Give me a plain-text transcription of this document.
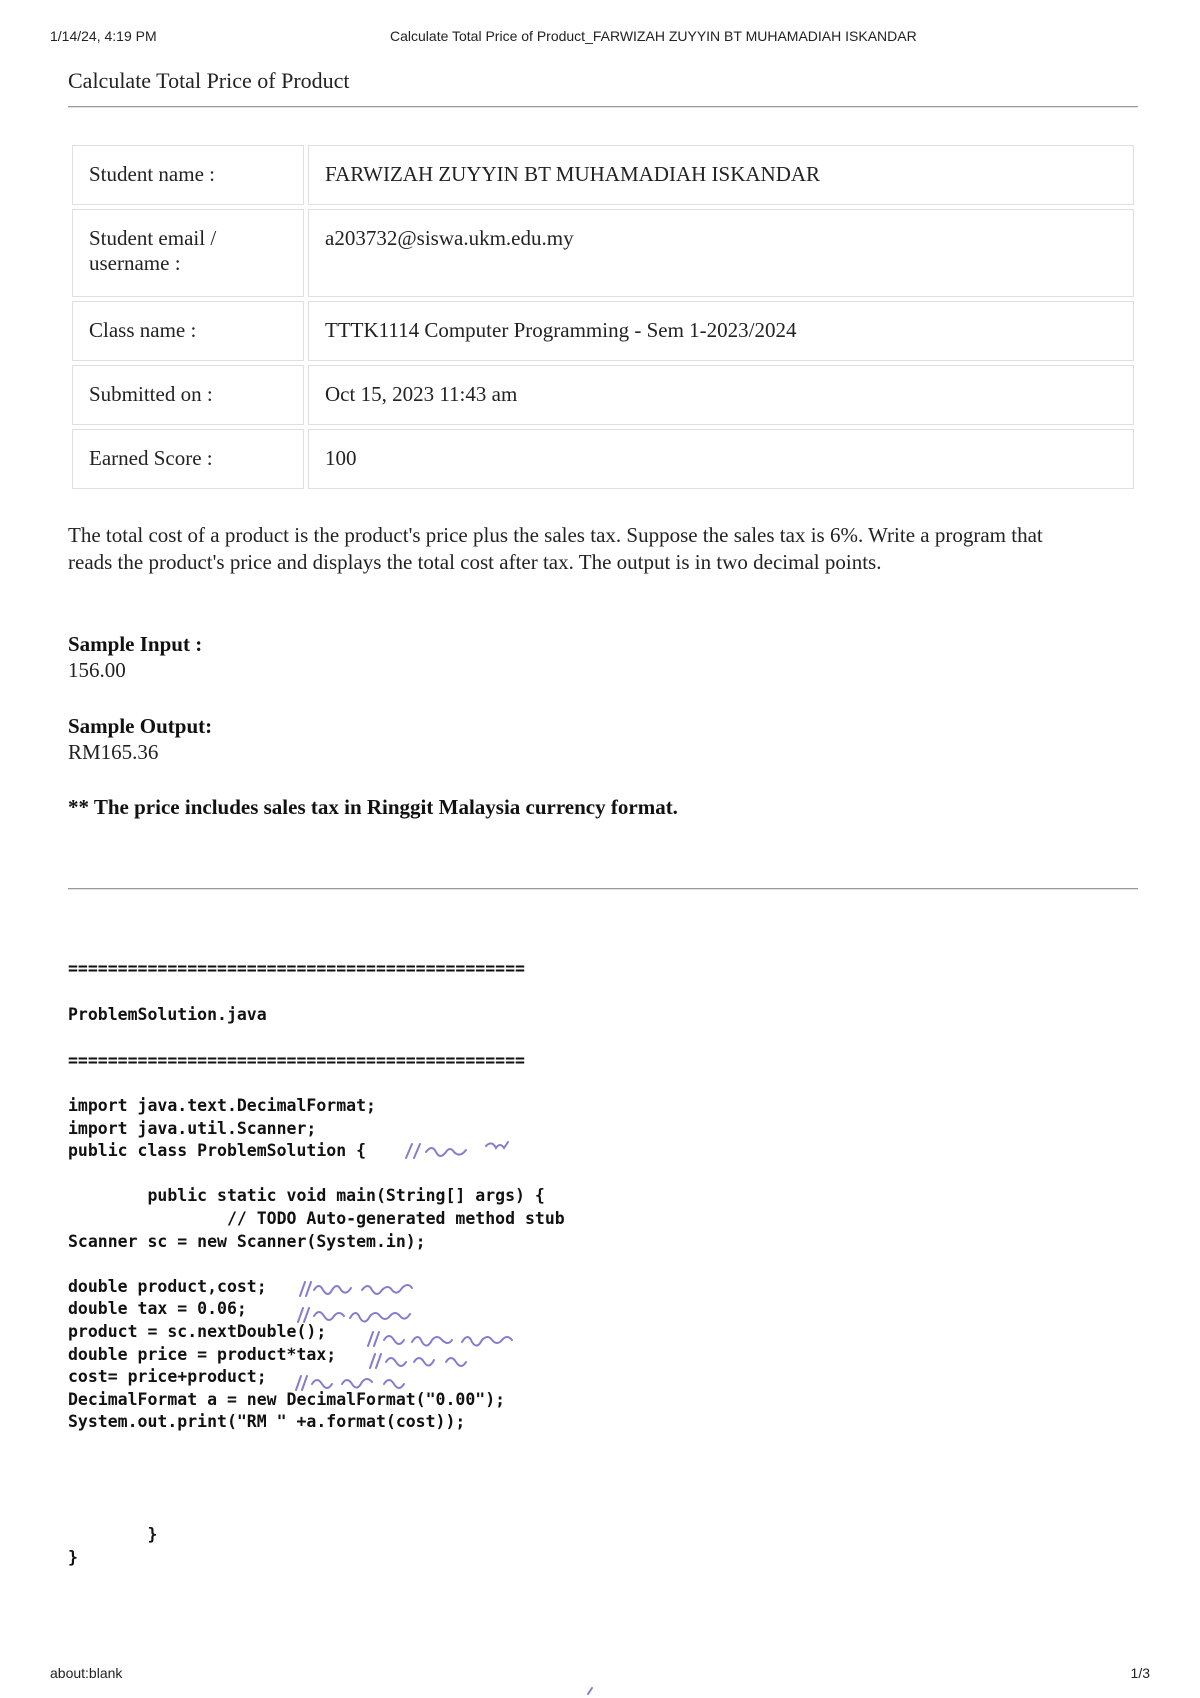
1/14/24, 4:19 PM	Calculate Total Price of Product_FARWIZAH ZUYYIN BT MUHAMADIAH ISKANDAR
Calculate Total Price of Product
Student name :	FARWIZAH ZUYYIN BT MUHAMADIAH ISKANDAR
Student email / username :	a203732@siswa.ukm.edu.my
Class name :	TTTK1114 Computer Programming - Sem 1-2023/2024
Submitted on :	Oct 15, 2023 11:43 am
Earned Score :	100
The total cost of a product is the product's price plus the sales tax. Suppose the sales tax is 6%. Write a program that reads the product's price and displays the total cost after tax. The output is in two decimal points.
Sample Input :
156.00
Sample Output:
RM165.36
** The price includes sales tax in Ringgit Malaysia currency format.
==============================================
ProblemSolution.java
==============================================
import java.text.DecimalFormat;
import java.util.Scanner;
public class ProblemSolution {

public static void main(String[] args) {
// TODO Auto-generated method stub
Scanner sc = new Scanner(System.in);

double product,cost;
double tax = 0.06;
product = sc.nextDouble();
double price = product*tax;
cost= price+product;
DecimalFormat a = new DecimalFormat("0.00");
System.out.print("RM " +a.format(cost));

}
}
about:blank	1/3
